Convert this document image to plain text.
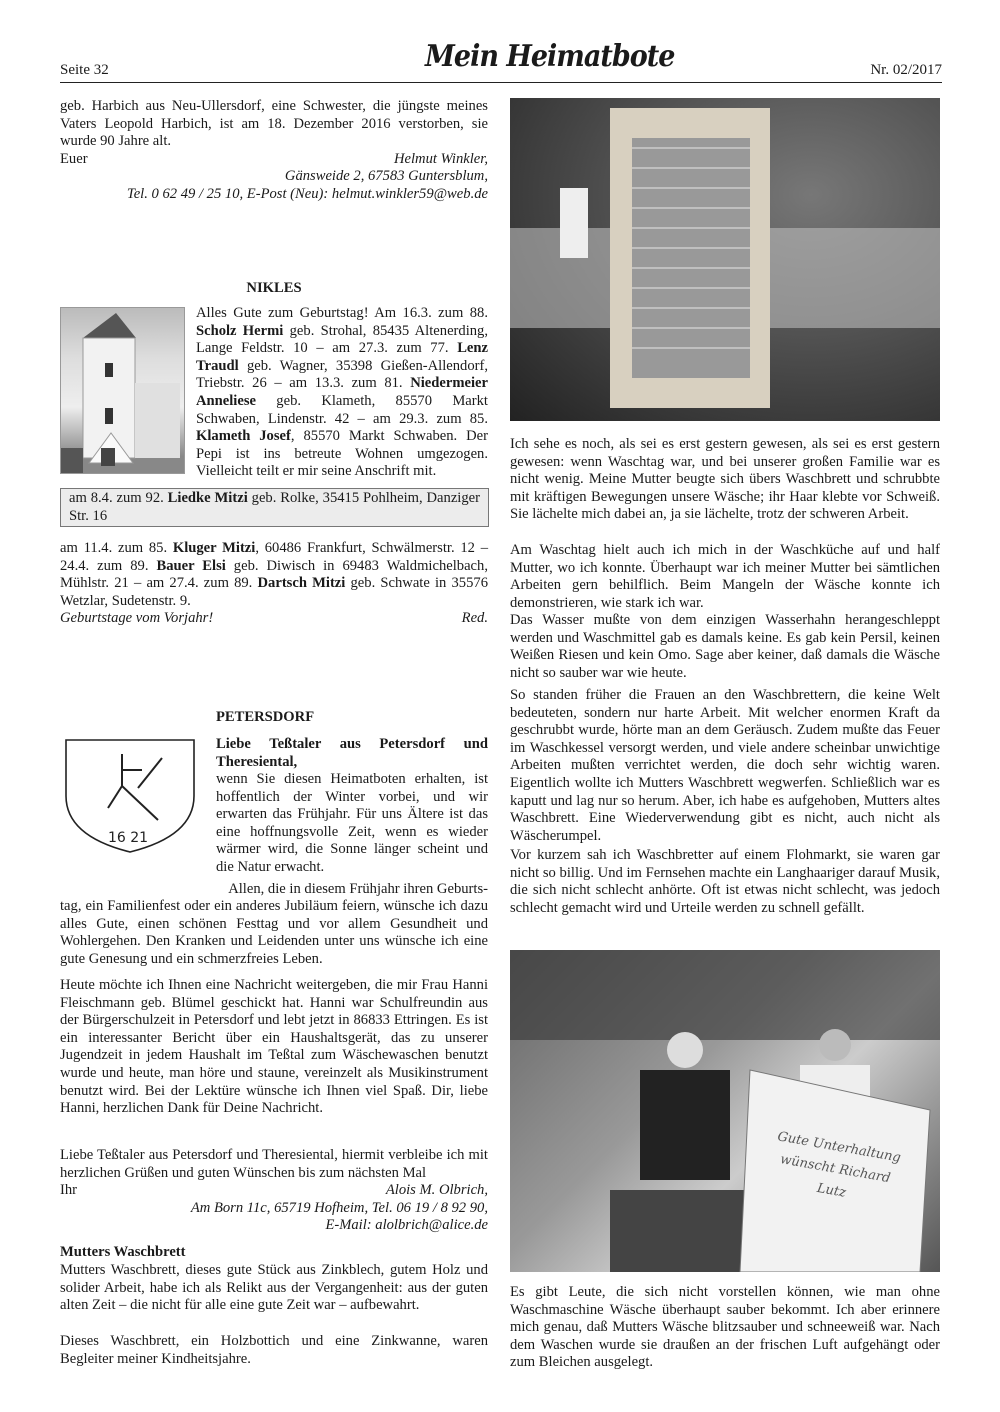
Seite 32	Mein Heimatbote	Nr. 02/2017

geb. Harbich aus Neu-Ullersdorf, eine Schwester, die jüngste meines Vaters Leopold Harbich, ist am 18. Dezember 2016 verstorben, sie wurde 90 Jahre alt.

Euer	Helmut Winkler,
Gänsweide 2, 67583 Guntersblum,
Tel. 0 62 49 / 25 10, E-Post (Neu): helmut.winkler59@web.de
NIKLES
Alles Gute zum Geburtstag! Am 16.3. zum 88. Scholz Hermi geb. Strohal, 85435 Altenerding, Lange Feldstr. 10 – am 27.3. zum 77. Lenz Traudl geb. Wagner, 35398 Gießen-Allendorf, Triebstr. 26 – am 13.3. zum 81. Niedermeier Anneliese geb. Klameth, 85570 Markt Schwaben, Lindenstr. 42 – am 29.3. zum 85. Klameth Josef, 85570 Markt Schwaben. Der Pepi ist ins betreute Wohnen umgezogen. Vielleicht teilt er mir seine Anschrift mit.
am 8.4. zum 92. Liedke Mitzi geb. Rolke, 35415 Pohlheim, Danziger Str. 16
am 11.4. zum 85. Kluger Mitzi, 60486 Frankfurt, Schwälmerstr. 12 – 24.4. zum 89. Bauer Elsi geb. Diwisch in 69483 Waldmichelbach, Mühlstr. 21 – am 27.4. zum 89. Dartsch Mitzi geb. Schwate in 35576 Wetzlar, Sudetenstr. 9.
Geburtstage vom Vorjahr!	Red.
PETERSDORF
16 21
Liebe Teßtaler aus Petersdorf und Theresiental,

wenn Sie diesen Heimatboten erhalten, ist hoffentlich der Winter vorbei, und wir erwarten das Frühjahr. Für uns Ältere ist das eine hoffnungsvolle Zeit, wenn es wieder wärmer wird, die Sonne länger scheint und die Natur erwacht.

Allen, die in diesem Frühjahr ihren Geburts-

tag, ein Familienfest oder ein anderes Jubiläum feiern, wünsche ich dazu alles Gute, einen schönen Festtag und vor allem Gesundheit und Wohlergehen. Den Kranken und Leidenden unter uns wünsche ich eine gute Genesung und ein schmerzfreies Leben.

Heute möchte ich Ihnen eine Nachricht weitergeben, die mir Frau Hanni Fleischmann geb. Blümel geschickt hat. Hanni war Schulfreundin aus der Bürgerschulzeit in Petersdorf und lebt jetzt in 86833 Ettringen. Es ist ein interessanter Bericht über ein Haushaltsgerät, das zu unserer Jugendzeit in jedem Haushalt im Teßtal zum Wäschewaschen benutzt wurde und heute, man höre und staune, vereinzelt als Musikinstrument benutzt wird. Bei der Lektüre wünsche ich Ihnen viel Spaß. Dir, liebe Hanni, herzlichen Dank für Deine Nachricht.

Liebe Teßtaler aus Petersdorf und Theresiental, hiermit verbleibe ich mit herzlichen Grüßen und guten Wünschen bis zum nächsten Mal

Ihr	Alois M. Olbrich,
Am Born 11c, 65719 Hofheim, Tel. 06 19 / 8 92 90,
E-Mail: alolbrich@alice.de
Mutters Waschbrett

Mutters Waschbrett, dieses gute Stück aus Zinkblech, gutem Holz und solider Arbeit, habe ich als Relikt aus der Vergangenheit: aus der guten alten Zeit – die nicht für alle eine gute Zeit war – aufbewahrt.

Dieses Waschbrett, ein Holzbottich und eine Zinkwanne, waren Begleiter meiner Kindheitsjahre.

Ich sehe es noch, als sei es erst gestern gewesen, als sei es erst gestern gewesen: wenn Waschtag war, und bei unserer großen Familie war es nicht wenig. Meine Mutter beugte sich übers Waschbrett und schrubbte mit kräftigen Bewegungen unsere Wäsche; ihr Haar klebte vor Schweiß. Sie lächelte mich dabei an, ja sie lächelte, trotz der schweren Arbeit.

Am Waschtag hielt auch ich mich in der Waschküche auf und half Mutter, wo ich konnte. Überhaupt war ich meiner Mutter bei sämtlichen Arbeiten gern behilflich. Beim Mangeln der Wäsche konnte ich demonstrieren, wie stark ich war.

Das Wasser mußte von dem einzigen Wasserhahn herangeschleppt werden und Waschmittel gab es damals keine. Es gab kein Persil, keinen Weißen Riesen und kein Omo. Sage aber keiner, daß damals die Wäsche nicht so sauber war wie heute.

So standen früher die Frauen an den Waschbrettern, die keine Welt bedeuteten, sondern nur harte Arbeit. Mit welcher enormen Kraft da geschrubbt wurde, hörte man an dem Geräusch. Zudem mußte das Feuer im Waschkessel versorgt werden, und viele andere scheinbar unwichtige Arbeiten mußten verrichtet werden, die doch sehr wichtig waren. Eigentlich wollte ich Mutters Waschbrett wegwerfen. Schließlich war es kaputt und lag nur so herum. Aber, ich habe es aufgehoben, Mutters altes Waschbrett. Eine Wiederverwendung gibt es nicht, auch nicht als Wäscherumpel.

Vor kurzem sah ich Waschbretter auf einem Flohmarkt, sie waren gar nicht so billig. Und im Fernsehen machte ein Langhaariger darauf Musik, die sich nicht schlecht anhörte. Oft ist etwas nicht schlecht, was jedoch schlecht gemacht wird und Urteile werden zu schnell gefällt.

Gute Unterhaltung wünscht Richard Lutz

Es gibt Leute, die sich nicht vorstellen können, wie man ohne Waschmaschine Wäsche überhaupt sauber bekommt. Ich aber erinnere mich genau, daß Mutters Wäsche blitzsauber und schneeweiß war. Nach dem Waschen wurde sie draußen an der frischen Luft aufgehängt oder zum Bleichen ausgelegt.
